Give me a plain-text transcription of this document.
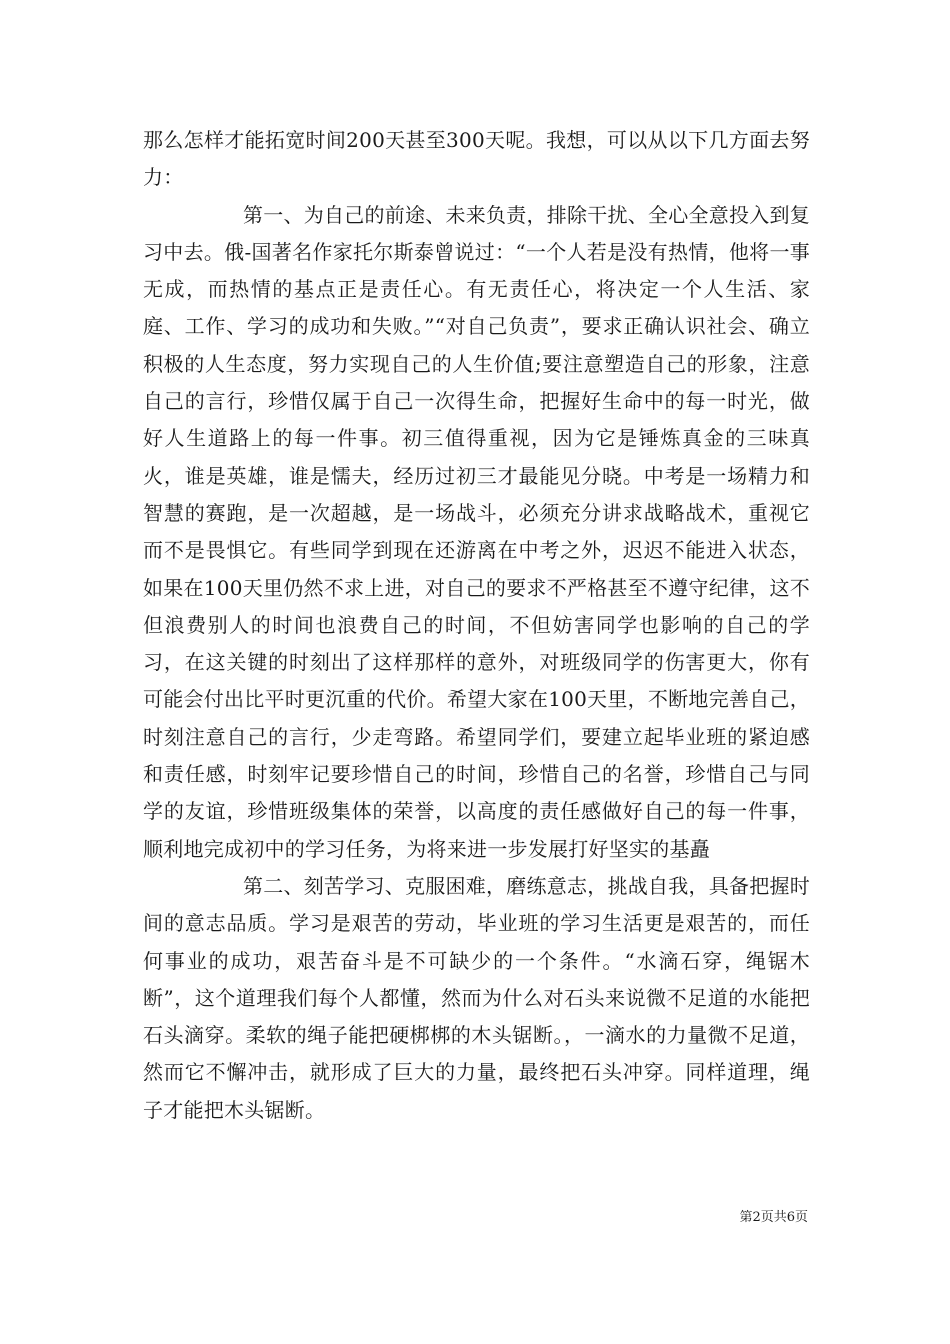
那么怎样才能拓宽时间200天甚至300天呢。我想，可以从以下几方面去努力：

第一、为自己的前途、未来负责，排除干扰、全心全意投入到复习中去。俄-国著名作家托尔斯泰曾说过：“一个人若是没有热情，他将一事无成，而热情的基点正是责任心。有无责任心，将决定一个人生活、家庭、工作、学习的成功和失败。”“对自己负责”，要求正确认识社会、确立积极的人生态度，努力实现自己的人生价值;要注意塑造自己的形象，注意自己的言行，珍惜仅属于自己一次得生命，把握好生命中的每一时光，做好人生道路上的每一件事。初三值得重视，因为它是锤炼真金的三味真火，谁是英雄，谁是懦夫，经历过初三才最能见分晓。中考是一场精力和智慧的赛跑，是一次超越，是一场战斗，必须充分讲求战略战术，重视它而不是畏惧它。有些同学到现在还游离在中考之外，迟迟不能进入状态，如果在100天里仍然不求上进，对自己的要求不严格甚至不遵守纪律，这不但浪费别人的时间也浪费自己的时间，不但妨害同学也影响的自己的学习，在这关键的时刻出了这样那样的意外，对班级同学的伤害更大，你有可能会付出比平时更沉重的代价。希望大家在100天里，不断地完善自己，时刻注意自己的言行，少走弯路。希望同学们，要建立起毕业班的紧迫感和责任感，时刻牢记要珍惜自己的时间，珍惜自己的名誉，珍惜自己与同学的友谊，珍惜班级集体的荣誉，以高度的责任感做好自己的每一件事，顺利地完成初中的学习任务，为将来进一步发展打好坚实的基矗

第二、刻苦学习、克服困难，磨练意志，挑战自我，具备把握时间的意志品质。学习是艰苦的劳动，毕业班的学习生活更是艰苦的，而任何事业的成功，艰苦奋斗是不可缺少的一个条件。“水滴石穿，绳锯木断”，这个道理我们每个人都懂，然而为什么对石头来说微不足道的水能把石头滴穿。柔软的绳子能把硬梆梆的木头锯断。，一滴水的力量微不足道，然而它不懈冲击，就形成了巨大的力量，最终把石头冲穿。同样道理，绳子才能把木头锯断。

第2页共6页
